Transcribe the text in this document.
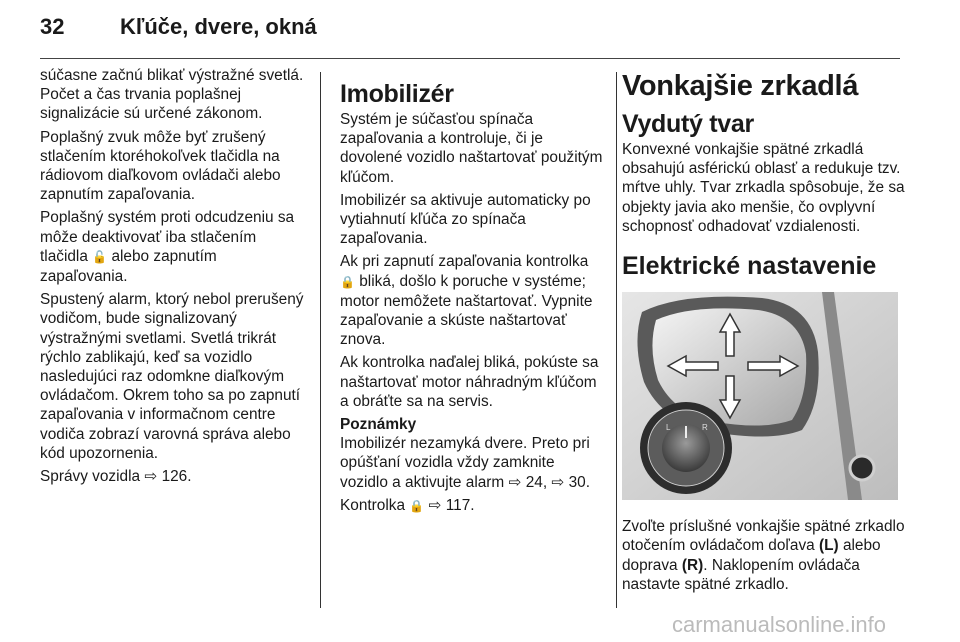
32	Kľúče, dvere, okná

súčasne začnú blikať výstražné svetlá. Počet a čas trvania poplašnej signalizácie sú určené zákonom.

Poplašný zvuk môže byť zrušený stlačením ktoréhokoľvek tlačidla na rádiovom diaľkovom ovládači alebo zapnutím zapaľovania.

Poplašný systém proti odcudzeniu sa môže deaktivovať iba stlačením tlačidla 🔓 alebo zapnutím zapaľovania.

Spustený alarm, ktorý nebol prerušený vodičom, bude signalizovaný výstražnými svetlami. Svetlá trikrát rýchlo zablikajú, keď sa vozidlo nasledujúci raz odomkne diaľkovým ovládačom. Okrem toho sa po zapnutí zapaľovania v informačnom centre vodiča zobrazí varovná správa alebo kód upozornenia.

Správy vozidla ⇨ 126.

Imobilizér

Systém je súčasťou spínača zapaľovania a kontroluje, či je dovolené vozidlo naštartovať použitým kľúčom.

Imobilizér sa aktivuje automaticky po vytiahnutí kľúča zo spínača zapaľovania.

Ak pri zapnutí zapaľovania kontrolka 🔒 bliká, došlo k poruche v systéme; motor nemôžete naštartovať. Vypnite zapaľovanie a skúste naštartovať znova.

Ak kontrolka naďalej bliká, pokúste sa naštartovať motor náhradným kľúčom a obráťte sa na servis.

Poznámky
Imobilizér nezamyká dvere. Preto pri opúšťaní vozidla vždy zamknite vozidlo a aktivujte alarm ⇨ 24, ⇨ 30.

Kontrolka 🔒 ⇨ 117.

Vonkajšie zrkadlá
Vydutý tvar

Konvexné vonkajšie spätné zrkadlá obsahujú asférickú oblasť a redukuje tzv. mŕtve uhly. Tvar zrkadla spôsobuje, že sa objekty javia ako menšie, čo ovplyvní schopnosť odhadovať vzdialenosti.

Elektrické nastavenie
L	R

Zvoľte príslušné vonkajšie spätné zrkadlo otočením ovládačom doľava (L) alebo doprava (R). Naklopením ovládača nastavte spätné zrkadlo.

carmanualsonline.info
